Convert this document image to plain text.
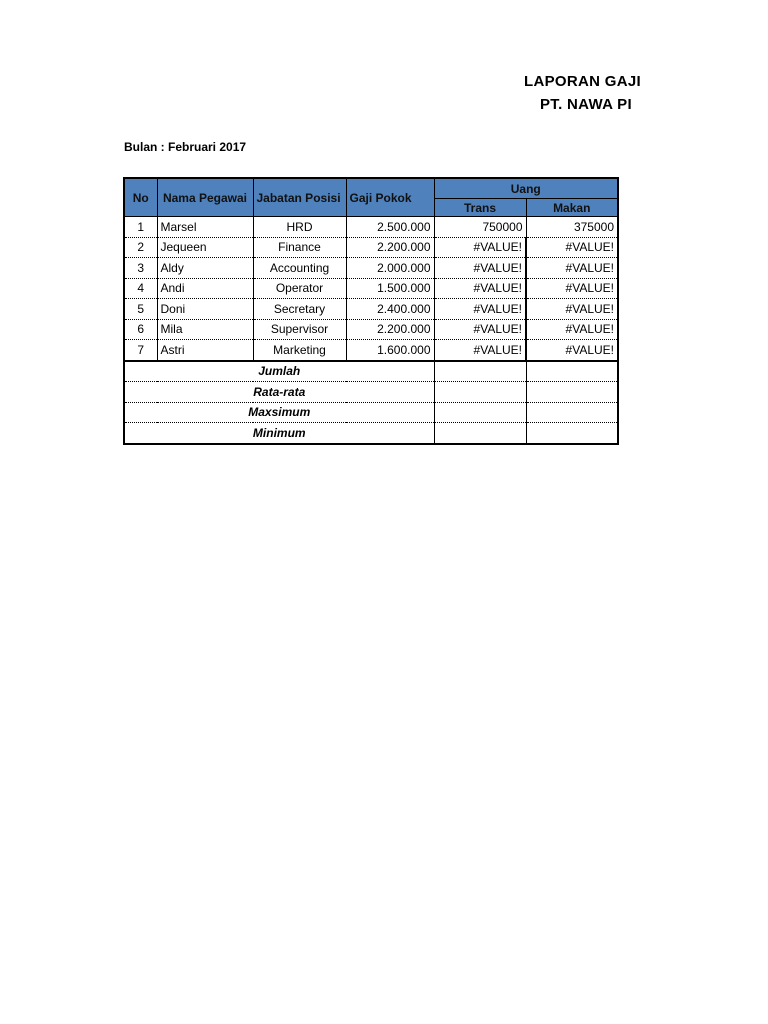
LAPORAN GAJI
PT. NAWA PI
Bulan : Februari 2017
No	Nama Pegawai	Jabatan Posisi	Gaji Pokok	Uang	
				Trans	Makan
1	Marsel	HRD	2.500.000	750000	375000
2	Jequeen	Finance	2.200.000	#VALUE!	#VALUE!
3	Aldy	Accounting	2.000.000	#VALUE!	#VALUE!
4	Andi	Operator	1.500.000	#VALUE!	#VALUE!
5	Doni	Secretary	2.400.000	#VALUE!	#VALUE!
6	Mila	Supervisor	2.200.000	#VALUE!	#VALUE!
7	Astri	Marketing	1.600.000	#VALUE!	#VALUE!
Jumlah					
Rata-rata					
Maxsimum					
Minimum					
